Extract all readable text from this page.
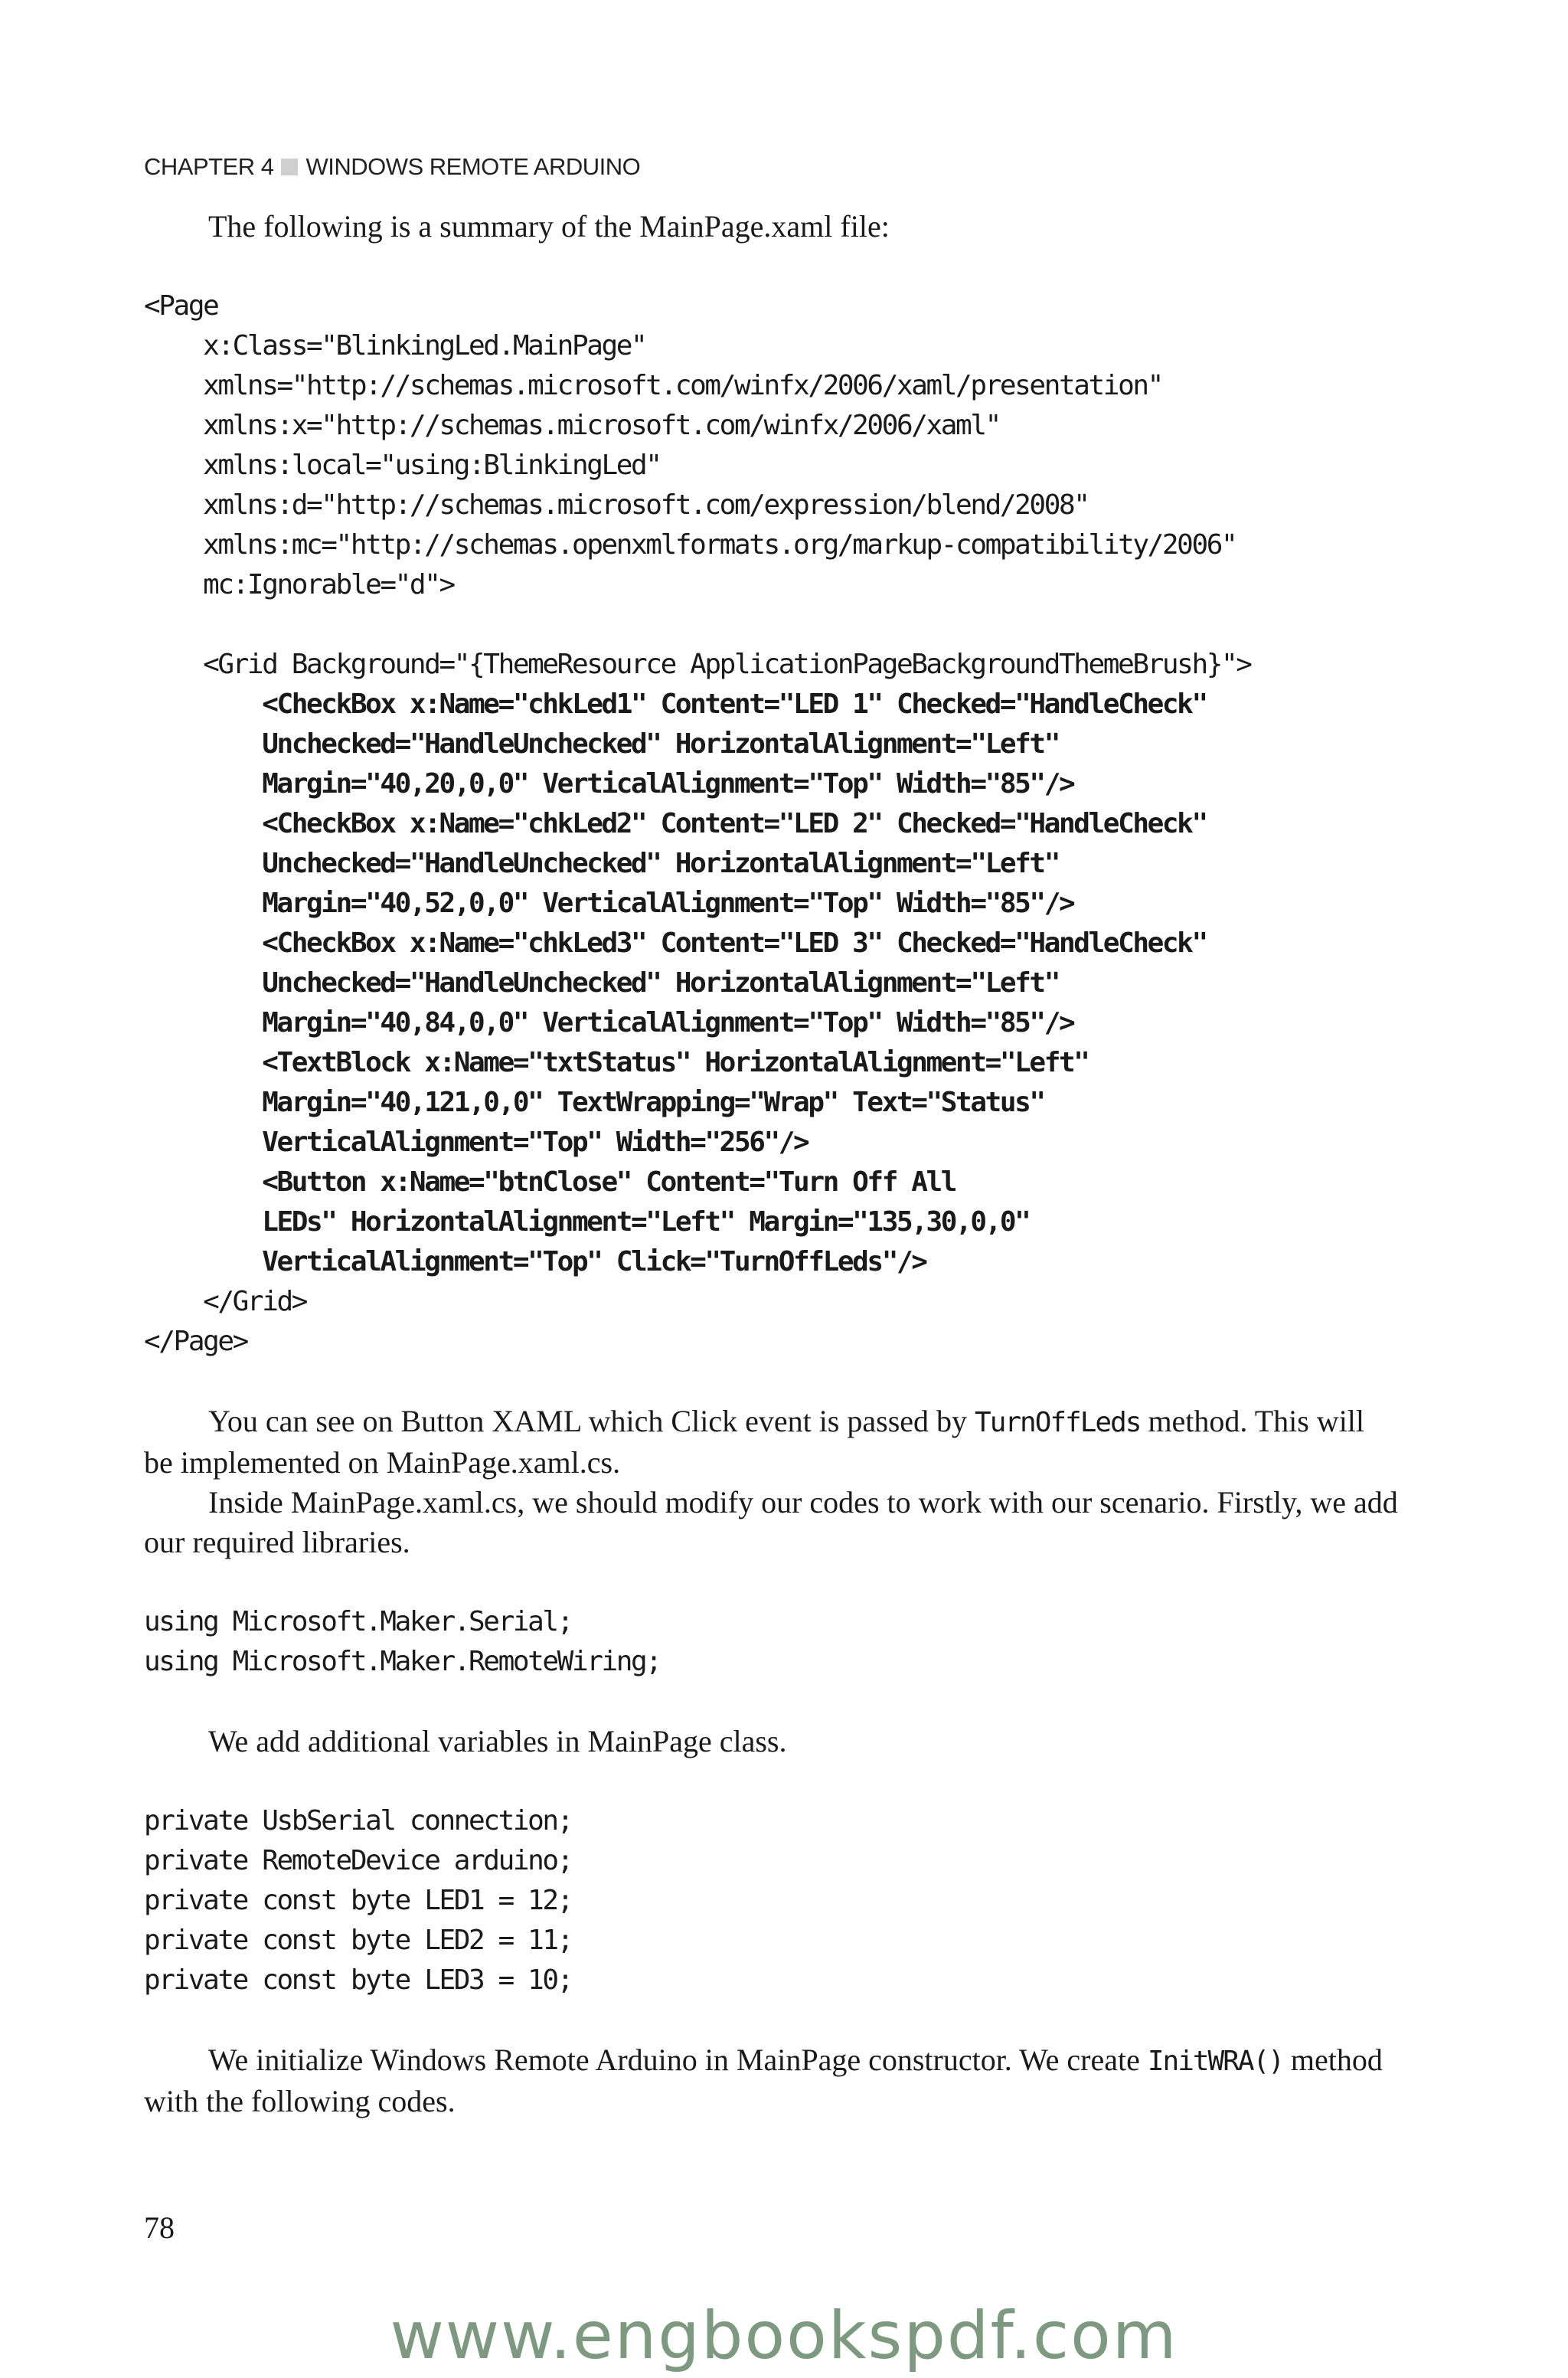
CHAPTER 4 WINDOWS REMOTE ARDUINO

The following is a summary of the MainPage.xaml file:

<Page
x:Class="BlinkingLed.MainPage"
xmlns="http://schemas.microsoft.com/winfx/2006/xaml/presentation"
xmlns:x="http://schemas.microsoft.com/winfx/2006/xaml"
xmlns:local="using:BlinkingLed"
xmlns:d="http://schemas.microsoft.com/expression/blend/2008"
xmlns:mc="http://schemas.openxmlformats.org/markup-compatibility/2006"
mc:Ignorable="d">

<Grid Background="{ThemeResource ApplicationPageBackgroundThemeBrush}">
<CheckBox x:Name="chkLed1" Content="LED 1" Checked="HandleCheck"
Unchecked="HandleUnchecked" HorizontalAlignment="Left"
Margin="40,20,0,0" VerticalAlignment="Top" Width="85"/>
<CheckBox x:Name="chkLed2" Content="LED 2" Checked="HandleCheck"
Unchecked="HandleUnchecked" HorizontalAlignment="Left"
Margin="40,52,0,0" VerticalAlignment="Top" Width="85"/>
<CheckBox x:Name="chkLed3" Content="LED 3" Checked="HandleCheck"
Unchecked="HandleUnchecked" HorizontalAlignment="Left"
Margin="40,84,0,0" VerticalAlignment="Top" Width="85"/>
<TextBlock x:Name="txtStatus" HorizontalAlignment="Left"
Margin="40,121,0,0" TextWrapping="Wrap" Text="Status"
VerticalAlignment="Top" Width="256"/>
<Button x:Name="btnClose" Content="Turn Off All
LEDs" HorizontalAlignment="Left" Margin="135,30,0,0"
VerticalAlignment="Top" Click="TurnOffLeds"/>
</Grid>
</Page>

You can see on Button XAML which Click event is passed by TurnOffLeds method. This will be implemented on MainPage.xaml.cs.

Inside MainPage.xaml.cs, we should modify our codes to work with our scenario. Firstly, we add our required libraries.

using Microsoft.Maker.Serial;
using Microsoft.Maker.RemoteWiring;

We add additional variables in MainPage class.

private UsbSerial connection;
private RemoteDevice arduino;
private const byte LED1 = 12;
private const byte LED2 = 11;
private const byte LED3 = 10;

We initialize Windows Remote Arduino in MainPage constructor. We create InitWRA() method with the following codes.

78
www.engbookspdf.com
